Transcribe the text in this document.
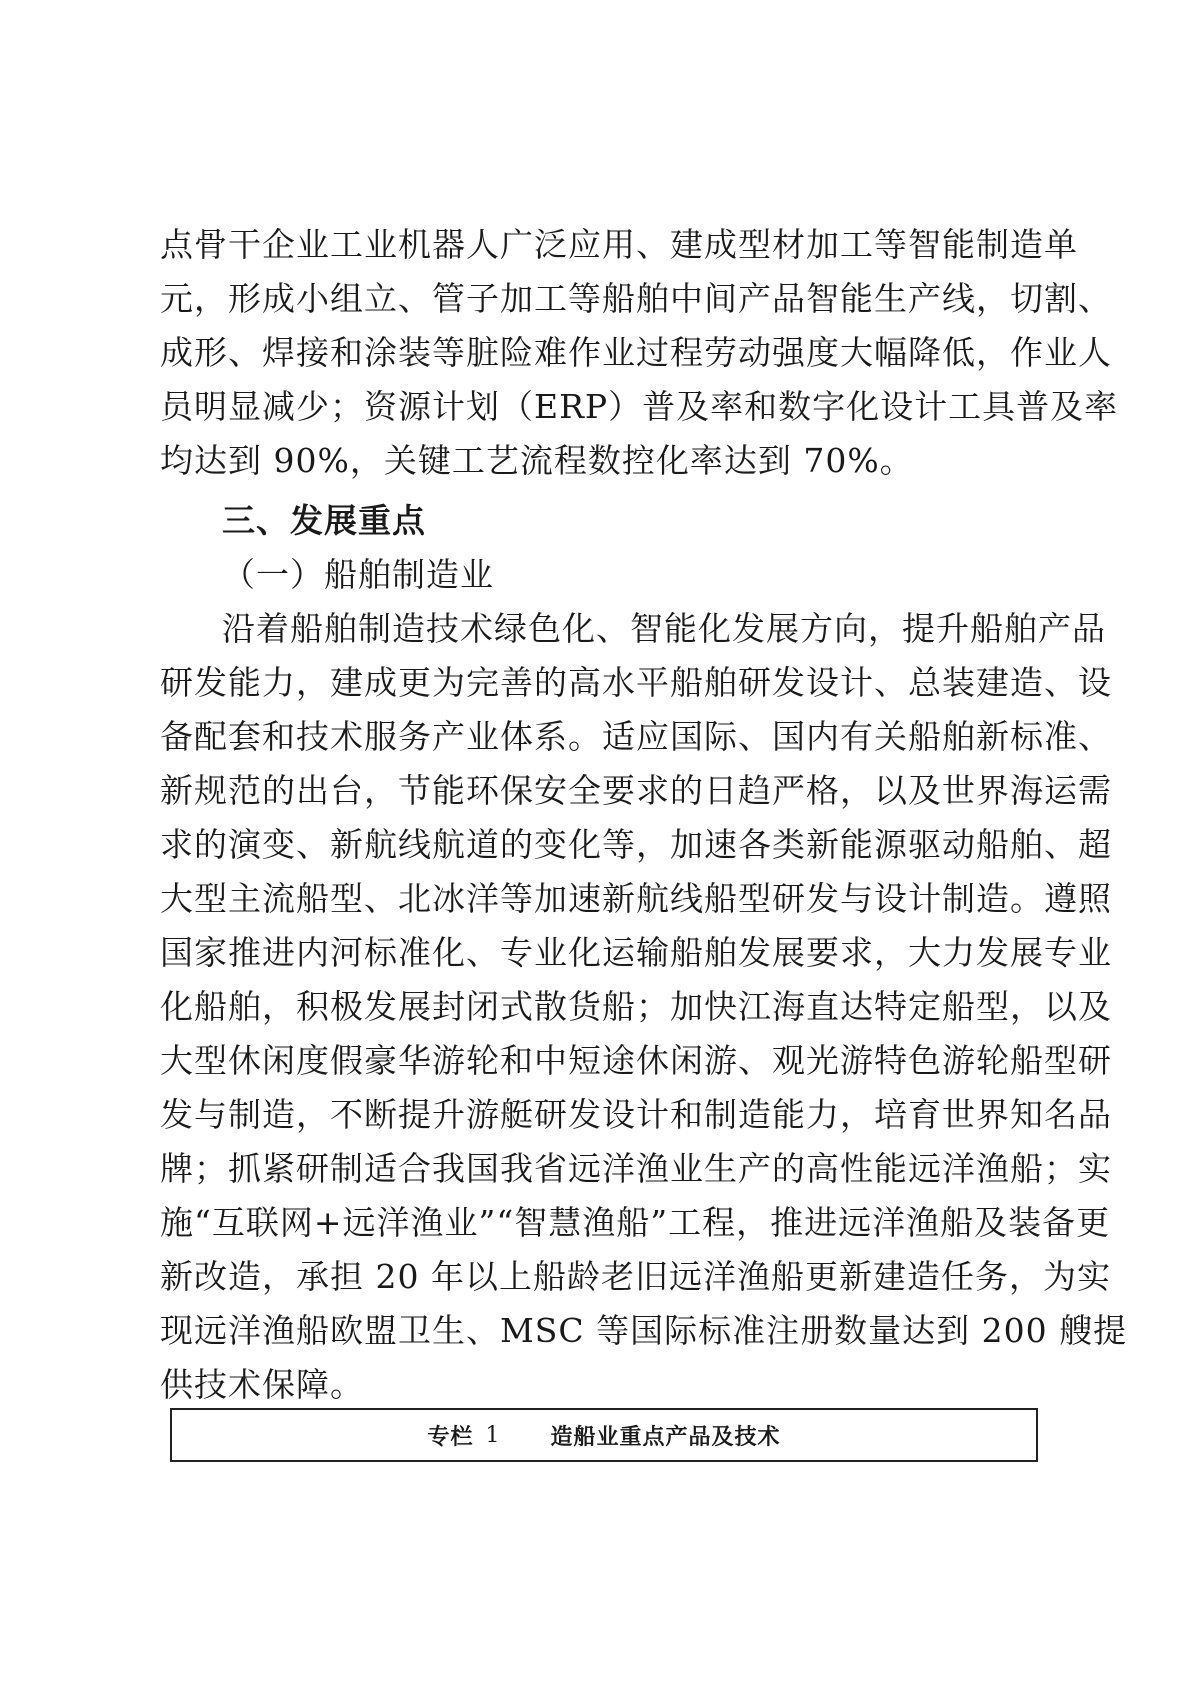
点骨干企业工业机器人广泛应用、建成型材加工等智能制造单
元，形成小组立、管子加工等船舶中间产品智能生产线，切割、
成形、焊接和涂装等脏险难作业过程劳动强度大幅降低，作业人
员明显减少；资源计划（ERP）普及率和数字化设计工具普及率
均达到 90%，关键工艺流程数控化率达到 70%。
三、发展重点
（一）船舶制造业
沿着船舶制造技术绿色化、智能化发展方向，提升船舶产品
研发能力，建成更为完善的高水平船舶研发设计、总装建造、设
备配套和技术服务产业体系。适应国际、国内有关船舶新标准、
新规范的出台，节能环保安全要求的日趋严格，以及世界海运需
求的演变、新航线航道的变化等，加速各类新能源驱动船舶、超
大型主流船型、北冰洋等加速新航线船型研发与设计制造。遵照
国家推进内河标准化、专业化运输船舶发展要求，大力发展专业
化船舶，积极发展封闭式散货船；加快江海直达特定船型，以及
大型休闲度假豪华游轮和中短途休闲游、观光游特色游轮船型研
发与制造，不断提升游艇研发设计和制造能力，培育世界知名品
牌；抓紧研制适合我国我省远洋渔业生产的高性能远洋渔船；实
施“互联网+远洋渔业”“智慧渔船”工程，推进远洋渔船及装备更
新改造，承担 20 年以上船龄老旧远洋渔船更新建造任务，为实
现远洋渔船欧盟卫生、MSC 等国际标准注册数量达到 200 艘提
供技术保障。
专栏 1 造船业重点产品及技术
